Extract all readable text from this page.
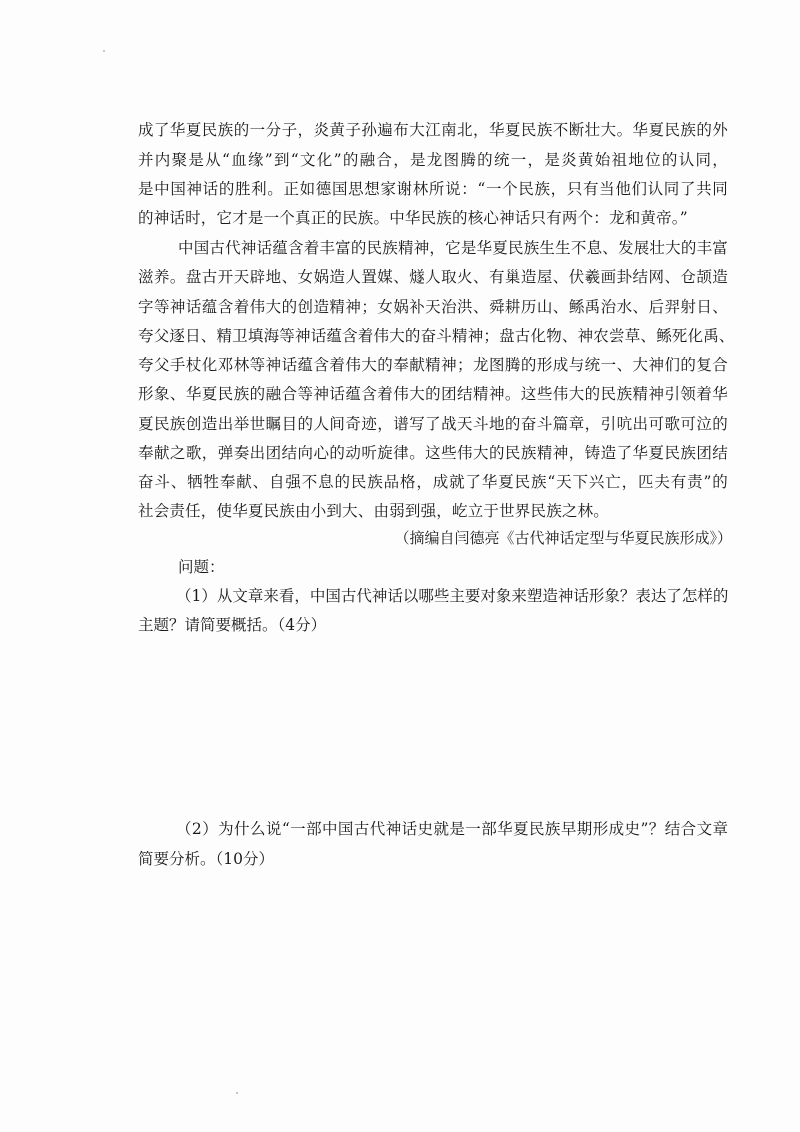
成了华夏民族的一分子，炎黄子孙遍布大江南北，华夏民族不断壮大。华夏民族的外
并内聚是从“血缘”到“文化”的融合，是龙图腾的统一，是炎黄始祖地位的认同，
是中国神话的胜利。正如德国思想家谢林所说：“一个民族，只有当他们认同了共同
的神话时，它才是一个真正的民族。中华民族的核心神话只有两个：龙和黄帝。”
中国古代神话蕴含着丰富的民族精神，它是华夏民族生生不息、发展壮大的丰富
滋养。盘古开天辟地、女娲造人置媒、燧人取火、有巢造屋、伏羲画卦结网、仓颉造
字等神话蕴含着伟大的创造精神；女娲补天治洪、舜耕历山、鲧禹治水、后羿射日、
夸父逐日、精卫填海等神话蕴含着伟大的奋斗精神；盘古化物、神农尝草、鲧死化禹、
夸父手杖化邓林等神话蕴含着伟大的奉献精神；龙图腾的形成与统一、大神们的复合
形象、华夏民族的融合等神话蕴含着伟大的团结精神。这些伟大的民族精神引领着华
夏民族创造出举世瞩目的人间奇迹，谱写了战天斗地的奋斗篇章，引吭出可歌可泣的
奉献之歌，弹奏出团结向心的动听旋律。这些伟大的民族精神，铸造了华夏民族团结
奋斗、牺牲奉献、自强不息的民族品格，成就了华夏民族“天下兴亡，匹夫有责”的
社会责任，使华夏民族由小到大、由弱到强，屹立于世界民族之林。
（摘编自闫德亮《古代神话定型与华夏民族形成》）
问题：
（1）从文章来看，中国古代神话以哪些主要对象来塑造神话形象？表达了怎样的
主题？请简要概括。（4分）
（2）为什么说“一部中国古代神话史就是一部华夏民族早期形成史”？结合文章
简要分析。（10分）
